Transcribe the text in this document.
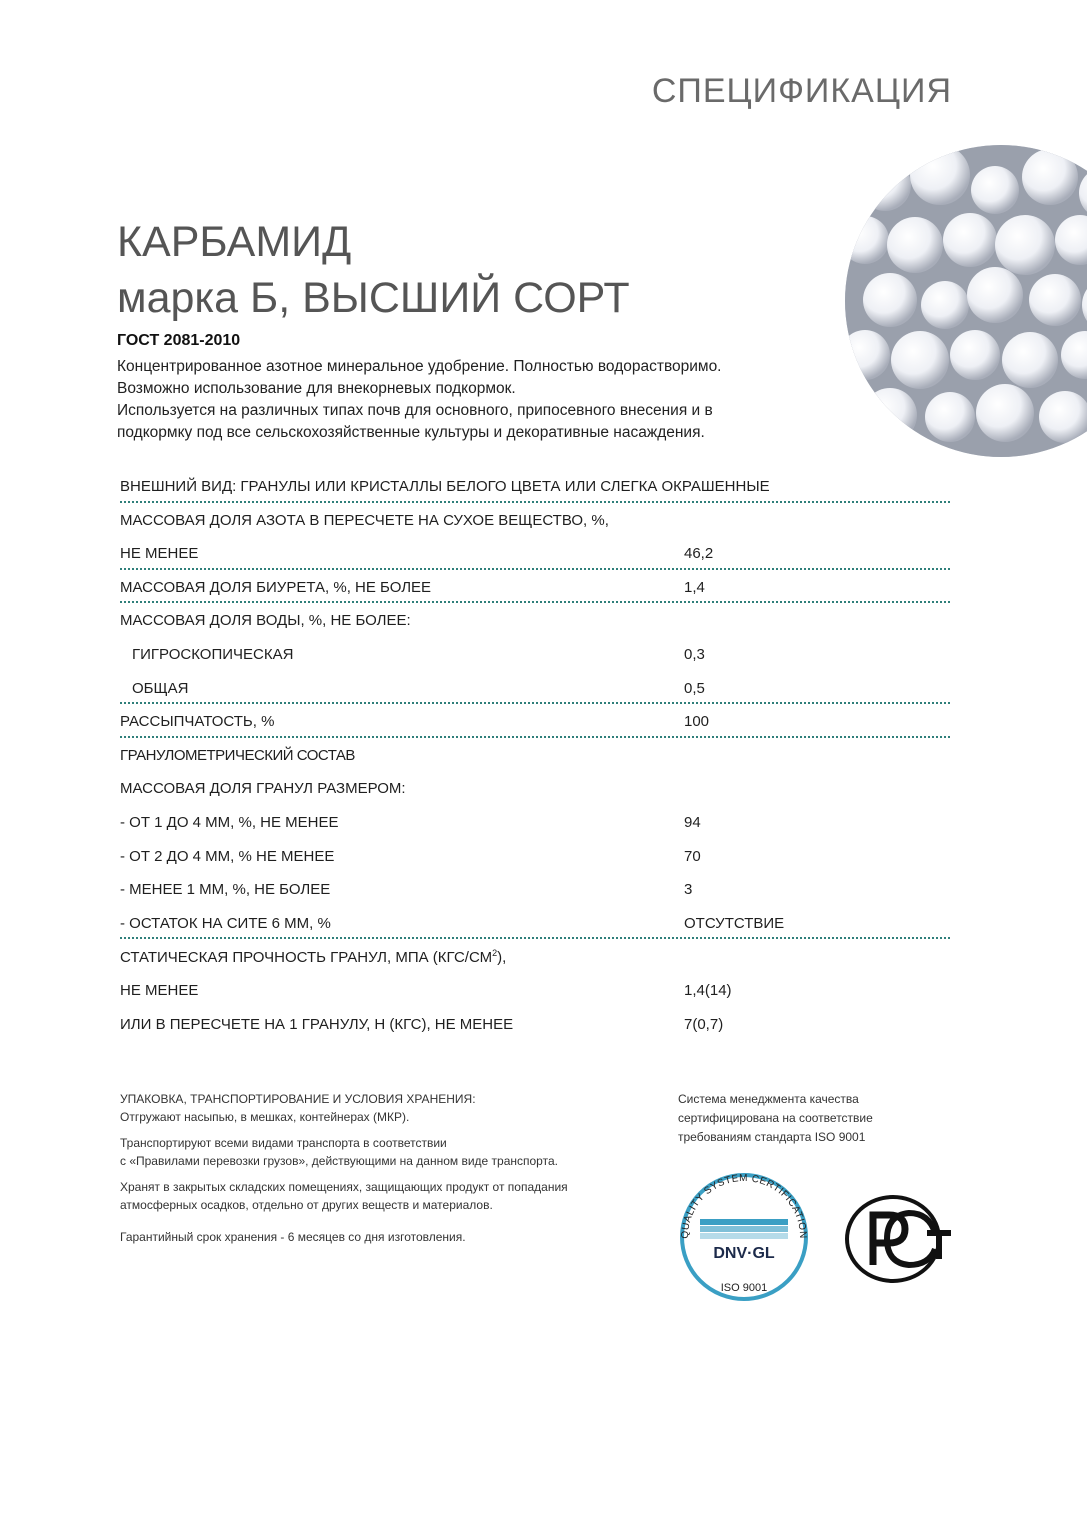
СПЕЦИФИКАЦИЯ
КАРБАМИД
марка Б, ВЫСШИЙ СОРТ
ГОСТ 2081-2010
Концентрированное азотное минеральное удобрение. Полностью водорастворимо.
Возможно использование для внекорневых подкормок.
Используется на различных типах почв для основного, припосевного внесения и в
подкормку под все сельскохозяйственные культуры и декоративные насаждения.
ВНЕШНИЙ ВИД: ГРАНУЛЫ ИЛИ КРИСТАЛЛЫ БЕЛОГО ЦВЕТА ИЛИ СЛЕГКА ОКРАШЕННЫЕ
МАССОВАЯ ДОЛЯ АЗОТА В ПЕРЕСЧЕТЕ НА СУХОЕ ВЕЩЕСТВО, %,
НЕ МЕНЕЕ	46,2
МАССОВАЯ ДОЛЯ БИУРЕТА, %, НЕ БОЛЕЕ	1,4
МАССОВАЯ ДОЛЯ ВОДЫ, %, НЕ БОЛЕЕ:
ГИГРОСКОПИЧЕСКАЯ	0,3
ОБЩАЯ	0,5
РАССЫПЧАТОСТЬ, %	100
ГРАНУЛОМЕТРИЧЕСКИЙ СОСТАВ
МАССОВАЯ ДОЛЯ ГРАНУЛ РАЗМЕРОМ:
- ОТ 1 ДО 4 ММ, %, НЕ МЕНЕЕ	94
- ОТ 2 ДО 4 ММ, % НЕ МЕНЕЕ	70
- МЕНЕЕ 1 ММ, %, НЕ БОЛЕЕ	3
- ОСТАТОК НА СИТЕ 6 ММ, %	ОТСУТСТВИЕ
СТАТИЧЕСКАЯ ПРОЧНОСТЬ ГРАНУЛ, МПА $(КГС/СМ^2)$,
НЕ МЕНЕЕ	1,4(14)
ИЛИ В ПЕРЕСЧЕТЕ НА 1 ГРАНУЛУ, Н (КГС), НЕ МЕНЕЕ	7(0,7)
УПАКОВКА, ТРАНСПОРТИРОВАНИЕ И УСЛОВИЯ ХРАНЕНИЯ:

Отгружают насыпью, в мешках, контейнерах (МКР).

Транспортируют всеми видами транспорта в соответствии

с «Правилами перевозки грузов», действующими на данном виде транспорта.

Хранят в закрытых складских помещениях, защищающих продукт от попадания

атмосферных осадков, отдельно от других веществ и материалов.

Гарантийный срок хранения - 6 месяцев со дня изготовления.

Система менеджмента качества
сертифицирована на соответствие
требованиям стандарта ISO 9001
QUALITY SYSTEM CERTIFICATION
DNV·GL
ISO 9001
